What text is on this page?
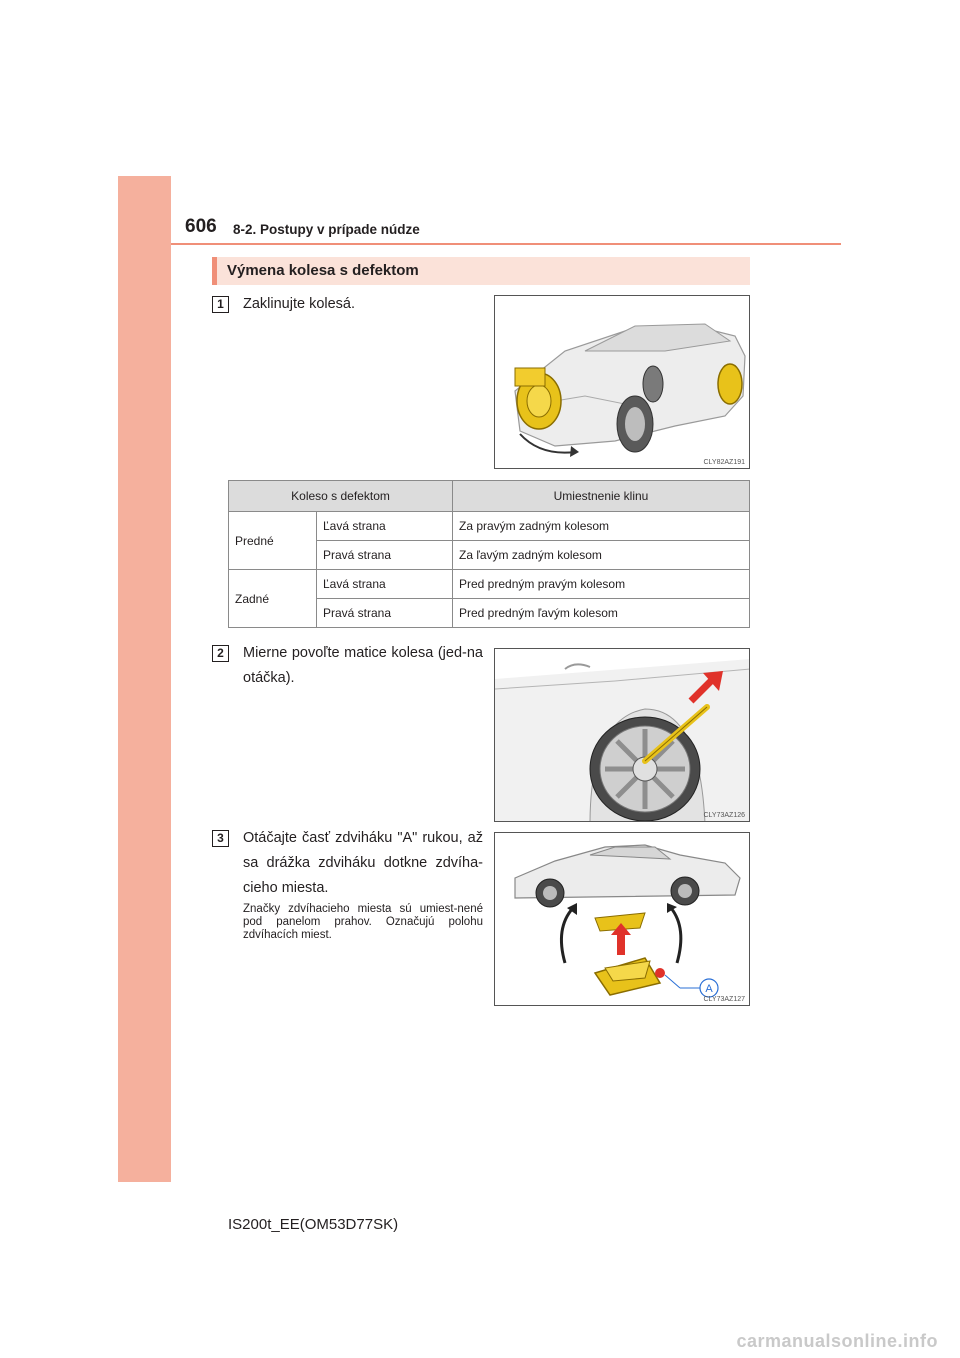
606 8-2. Postupy v prípade núdze
Výmena kolesa s defektom
1	Zaklinujte kolesá.
CLY82AZ191
Koleso s defektom		Umiestnenie klinu
Predné	Ľavá strana	Za pravým zadným kolesom
	Pravá strana	Za ľavým zadným kolesom
Zadné	Ľavá strana	Pred predným pravým kolesom
	Pravá strana	Pred predným ľavým kolesom
2	Mierne povoľte matice kolesa (jed-na otáčka).
CLY73AZ126
3	Otáčajte časť zdviháku "A" rukou, až sa drážka zdviháku dotkne zdvíha-cieho miesta.
Značky zdvíhacieho miesta sú umiest-nené pod panelom prahov. Označujú polohu zdvíhacích miest.
A
CLY73AZ127
IS200t_EE(OM53D77SK)
carmanualsonline.info
